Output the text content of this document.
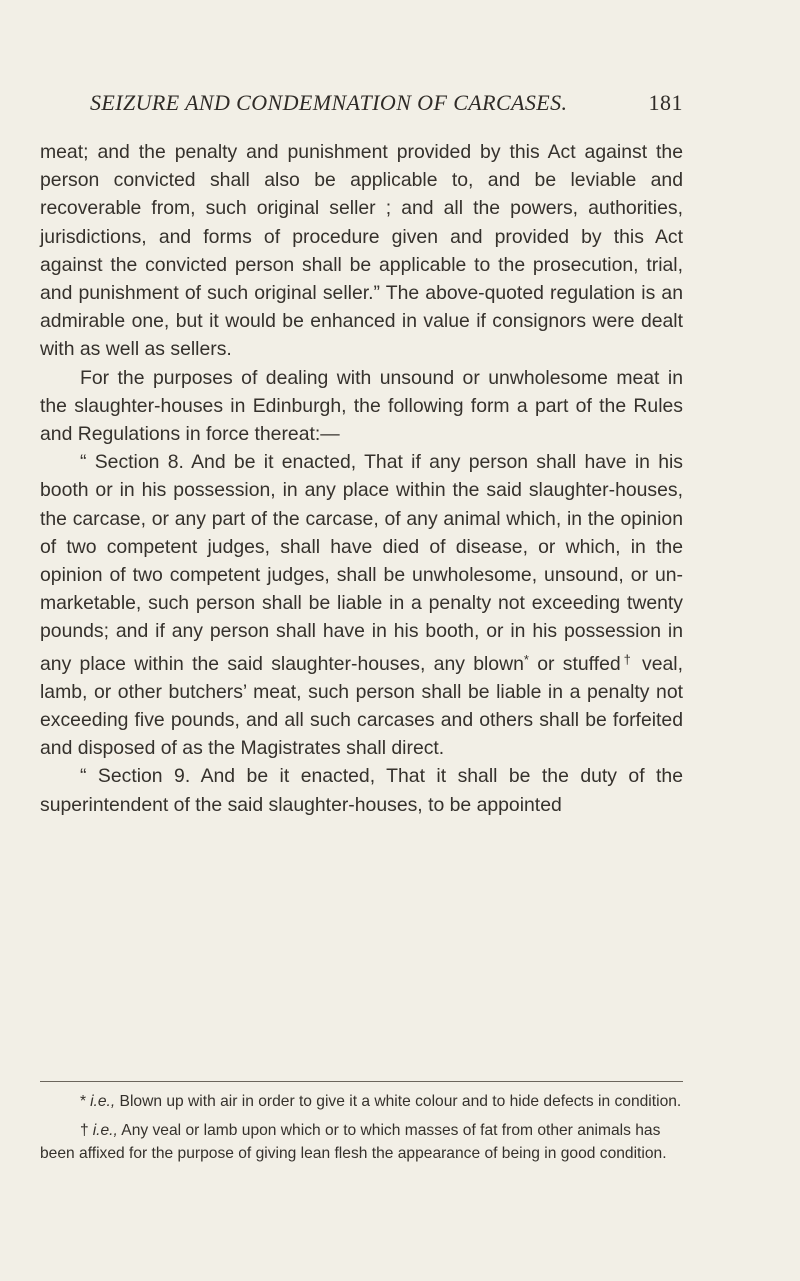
SEIZURE AND CONDEMNATION OF CARCASES.	181

meat; and the penalty and punishment provided by this Act against the person convicted shall also be applicable to, and be leviable and recoverable from, such original seller ; and all the powers, authorities, jurisdictions, and forms of procedure given and provided by this Act against the convicted person shall be applicable to the prosecution, trial, and punishment of such original seller.” The above-quoted regulation is an admirable one, but it would be enhanced in value if consignors were dealt with as well as sellers.

For the purposes of dealing with unsound or unwholesome meat in the slaughter-houses in Edinburgh, the following form a part of the Rules and Regulations in force thereat:—

“ Section 8. And be it enacted, That if any person shall have in his booth or in his possession, in any place within the said slaughter-houses, the carcase, or any part of the carcase, of any animal which, in the opinion of two competent judges, shall have died of disease, or which, in the opinion of two competent judges, shall be unwholesome, unsound, or un-marketable, such person shall be liable in a penalty not exceeding twenty pounds; and if any person shall have in his booth, or in his possession in any place within the said slaughter-houses, any blown* or stuffed† veal, lamb, or other butchers’ meat, such person shall be liable in a penalty not exceeding five pounds, and all such carcases and others shall be forfeited and disposed of as the Magistrates shall direct.

“ Section 9. And be it enacted, That it shall be the duty of the superintendent of the said slaughter-houses, to be appointed

* i.e., Blown up with air in order to give it a white colour and to hide defects in condition.

† i.e., Any veal or lamb upon which or to which masses of fat from other animals has been affixed for the purpose of giving lean flesh the appearance of being in good condition.
